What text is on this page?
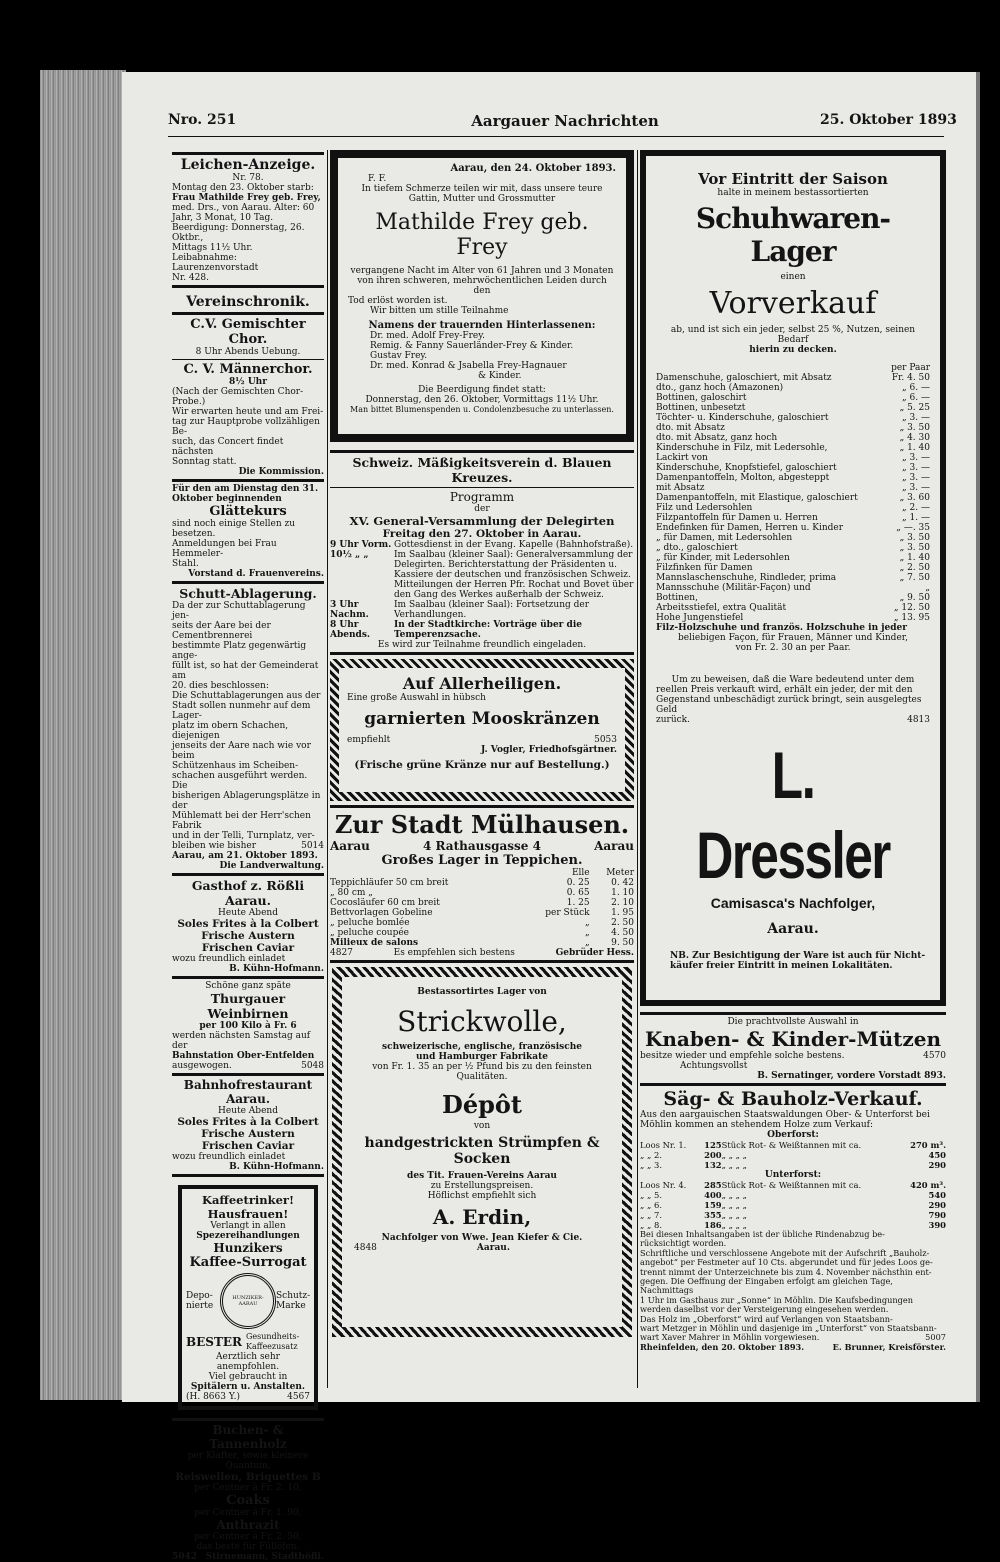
Nro. 251	Aargauer Nachrichten	25. Oktober 1893
Leichen-Anzeige.
Nr. 78.
Montag den 23. Oktober starb:
Frau Mathilde Frey geb. Frey,
med. Drs., von Aarau. Alter: 60
Jahr, 3 Monat, 10 Tag.
Beerdigung: Donnerstag, 26. Oktbr.,
Mittags 11½ Uhr.
Leibabnahme: Laurenzenvorstadt
Nr. 428.
Vereinschronik.
C.V. Gemischter Chor.
8 Uhr Abends Uebung.
C. V. Männerchor.
8½ Uhr
(Nach der Gemischten Chor-Probe.)
Wir erwarten heute und am Frei-
tag zur Hauptprobe vollzähligen Be-
such, das Concert findet nächsten
Sonntag statt.
Die Kommission.
Für den am Dienstag den 31.
Oktober beginnenden
Glättekurs
sind noch einige Stellen zu besetzen.
Anmeldungen bei Frau Hemmeler-
Stahl.
Vorstand d. Frauenvereins.
Schutt-Ablagerung.
Da der zur Schuttablagerung jen-
seits der Aare bei der Cementbrennerei
bestimmte Platz gegenwärtig ange-
füllt ist, so hat der Gemeinderat am
20. dies beschlossen:
Die Schuttablagerungen aus der
Stadt sollen nunmehr auf dem Lager-
platz im obern Schachen, diejenigen
jenseits der Aare nach wie vor beim
Schützenhaus im Scheiben-
schachen ausgeführt werden. Die
bisherigen Ablagerungsplätze in der
Mühlematt bei der Herr'schen Fabrik
und in der Telli, Turnplatz, ver-
bleiben wie bisher	5014
Aarau, am 21. Oktober 1893.
Die Landverwaltung.
Gasthof z. Rößli Aarau.
Heute Abend
Soles Frites à la Colbert
Frische Austern
Frischen Caviar
wozu freundlich einladet
B. Kühn-Hofmann.
Schöne ganz späte
Thurgauer Weinbirnen
per 100 Kilo à Fr. 6
werden nächsten Samstag auf der
Bahnstation Ober-Entfelden
ausgewogen.	5048
Bahnhofrestaurant Aarau.
Heute Abend
Soles Frites à la Colbert
Frische Austern
Frischen Caviar
wozu freundlich einladet
B. Kühn-Hofmann.
Kaffeetrinker!
Hausfrauen!
Verlangt in allen
Spezereihandlungen
Hunzikers
Kaffee-Surrogat
Depo-nierte
HUNZIKER-AARAU
Schutz-Marke
BESTER Gesundheits-Kaffeezusatz
Aerztlich sehr anempfohlen.
Viel gebraucht in
Spitälern u. Anstalten.
(H. 8663 Y.)	4567
Buchen- & Tannenholz
per Klafter, sowie kleinere Quantum,
Reiswellen, Briquettes B
per Centner à Fr. 2. 10,
Coaks
per Centner à Fr. 1. 90,
Anthrazit
per Centner à Fr. 2. 50,
das beste für Füllöfen.
5042 Stirnemann, Stadthöfli.
Aarau, den 24. Oktober 1893.
F. F.
In tiefem Schmerze teilen wir mit, dass unsere teure
Gattin, Mutter und Grossmutter
Mathilde Frey geb. Frey
vergangene Nacht im Alter von 61 Jahren und 3 Monaten
von ihren schweren, mehrwöchentlichen Leiden durch den
Tod erlöst worden ist.
Wir bitten um stille Teilnahme
Namens der trauernden Hinterlassenen:
Dr. med. Adolf Frey-Frey.
Remig. & Fanny Sauerländer-Frey & Kinder.
Gustav Frey.
Dr. med. Konrad & Jsabella Frey-Hagnauer
& Kinder.
Die Beerdigung findet statt:
Donnerstag, den 26. Oktober, Vormittags 11½ Uhr.
Man bittet Blumenspenden u. Condolenzbesuche zu unterlassen.
Schweiz. Mäßigkeitsverein d. Blauen Kreuzes.
Programm
der
XV. General-Versammlung der Delegirten
Freitag den 27. Oktober in Aarau.
9 Uhr Vorm.	Gottesdienst in der Evang. Kapelle (Bahnhofstraße).
10½ „ „	Im Saalbau (kleiner Saal): Generalversammlung der Delegirten. Berichterstattung der Präsidenten u. Kassiere der deutschen und französischen Schweiz. Mitteilungen der Herren Pfr. Rochat und Bovet über den Gang des Werkes außerhalb der Schweiz.
3 Uhr Nachm.	Im Saalbau (kleiner Saal): Fortsetzung der Verhandlungen.
8 Uhr Abends.	In der Stadtkirche: Vorträge über die Temperenzsache.
Es wird zur Teilnahme freundlich eingeladen.
Auf Allerheiligen.
Eine große Auswahl in hübsch
garnierten Mooskränzen
empfiehlt	5053
J. Vogler, Friedhofsgärtner.
(Frische grüne Kränze nur auf Bestellung.)
Zur Stadt Mülhausen.
Aarau	4 Rathausgasse 4	Aarau
Großes Lager in Teppichen.
	Elle	Meter
Teppichläufer 50 cm breit	0. 25	0. 42
„ 80 cm „	0. 65	1. 10
Cocosläufer 60 cm breit	1. 25	2. 10
Bettvorlagen Gobeline	per Stück	1. 95
„ peluche bomlée	„	2. 50
„ peluche coupée	„	4. 50
Milieux de salons	„	9. 50
4827	Es empfehlen sich bestens	Gebrüder Hess.
Bestassortirtes Lager von
Strickwolle,
schweizerische, englische, französische
und Hamburger Fabrikate
von Fr. 1. 35 an per ½ Pfund bis zu den feinsten
Qualitäten.
Dépôt
von
handgestrickten Strümpfen & Socken
des Tit. Frauen-Vereins Aarau
zu Erstellungspreisen.
Höflichst empfiehlt sich
A. Erdin,
Nachfolger von Wwe. Jean Kiefer & Cie.
4848	Aarau.
Vor Eintritt der Saison
halte in meinem bestassortierten
Schuhwaren-Lager
einen
Vorverkauf
ab, und ist sich ein jeder, selbst 25 %, Nutzen, seinen Bedarf
hierin zu decken.
per Paar
Damenschuhe, galoschiert, mit Absatz	Fr. 4. 50
dto., ganz hoch (Amazonen)	„ 6. —
Bottinen, galoschirt	„ 6. —
Bottinen, unbesetzt	„ 5. 25
Töchter- u. Kinderschuhe, galoschiert	„ 3. —
dto. mit Absatz	„ 3. 50
dto. mit Absatz, ganz hoch	„ 4. 30
Kinderschuhe in Filz, mit Ledersohle,	„ 1. 40
Lackirt von	„ 3. —
Kinderschuhe, Knopfstiefel, galoschiert	„ 3. —
Damenpantoffeln, Molton, abgesteppt	„ 3. —
mit Absatz	„ 3. —
Damenpantoffeln, mit Elastique, galoschiert	„ 3. 60
Filz und Ledersohlen	„ 2. —
Filzpantoffeln für Damen u. Herren	„ 1. —
Endefinken für Damen, Herren u. Kinder	„ —. 35
„ für Damen, mit Ledersohlen	„ 3. 50
„ dto., galoschiert	„ 3. 50
„ für Kinder, mit Ledersohlen	„ 1. 40
Filzfinken für Damen	„ 2. 50
Mannslaschenschuhe, Rindleder, prima	„ 7. 50
Mannsschuhe (Militär-Façon) und	„
Bottinen,	„ 9. 50
Arbeitsstiefel, extra Qualität	„ 12. 50
Hohe Jungenstiefel	„ 13. 95
Filz-Holzschuhe und französ. Holzschuhe in jeder
beliebigen Façon, für Frauen, Männer und Kinder,
von Fr. 2. 30 an per Paar.
Um zu beweisen, daß die Ware bedeutend unter dem
reellen Preis verkauft wird, erhält ein jeder, der mit den
Gegenstand unbeschädigt zurück bringt, sein ausgelegtes Geld
zurück.	4813
L. Dressler
Camisasca's Nachfolger,
Aarau.
NB. Zur Besichtigung der Ware ist auch für Nicht-
käufer freier Eintritt in meinen Lokalitäten.
Die prachtvollste Auswahl in
Knaben- & Kinder-Mützen
besitze wieder und empfehle solche bestens.	4570
Achtungsvollst
B. Sernatinger, vordere Vorstadt 893.
Säg- & Bauholz-Verkauf.
Aus den aargauischen Staatswaldungen Ober- & Unterforst bei
Möhlin kommen an stehendem Holze zum Verkauf:
Oberforst:
Loos Nr. 1.	125	Stück Rot- & Weißtannen mit ca.	270 m³.
„ „ 2.	200	„ „ „ „	450
„ „ 3.	132	„ „ „ „	290
Unterforst:
Loos Nr. 4.	285	Stück Rot- & Weißtannen mit ca.	420 m³.
„ „ 5.	400	„ „ „ „	540
„ „ 6.	159	„ „ „ „	290
„ „ 7.	355	„ „ „ „	790
„ „ 8.	186	„ „ „ „	390
Bei diesen Inhaltsangaben ist der übliche Rindenabzug be-
rücksichtigt worden.
Schriftliche und verschlossene Angebote mit der Aufschrift „Bauholz-
angebot“ per Festmeter auf 10 Cts. abgerundet und für jedes Loos ge-
trennt nimmt der Unterzeichnete bis zum 4. November nächsthin ent-
gegen. Die Oeffnung der Eingaben erfolgt am gleichen Tage, Nachmittags
1 Uhr im Gasthaus zur „Sonne“ in Möhlin. Die Kaufsbedingungen
werden daselbst vor der Versteigerung eingesehen werden.
Das Holz im „Oberforst“ wird auf Verlangen von Staatsbann-
wart Metzger in Möhlin und dasjenige im „Unterforst“ von Staatsbann-
wart Xaver Mahrer in Möhlin vorgewiesen.	5007
Rheinfelden, den 20. Oktober 1893.	E. Brunner, Kreisförster.
